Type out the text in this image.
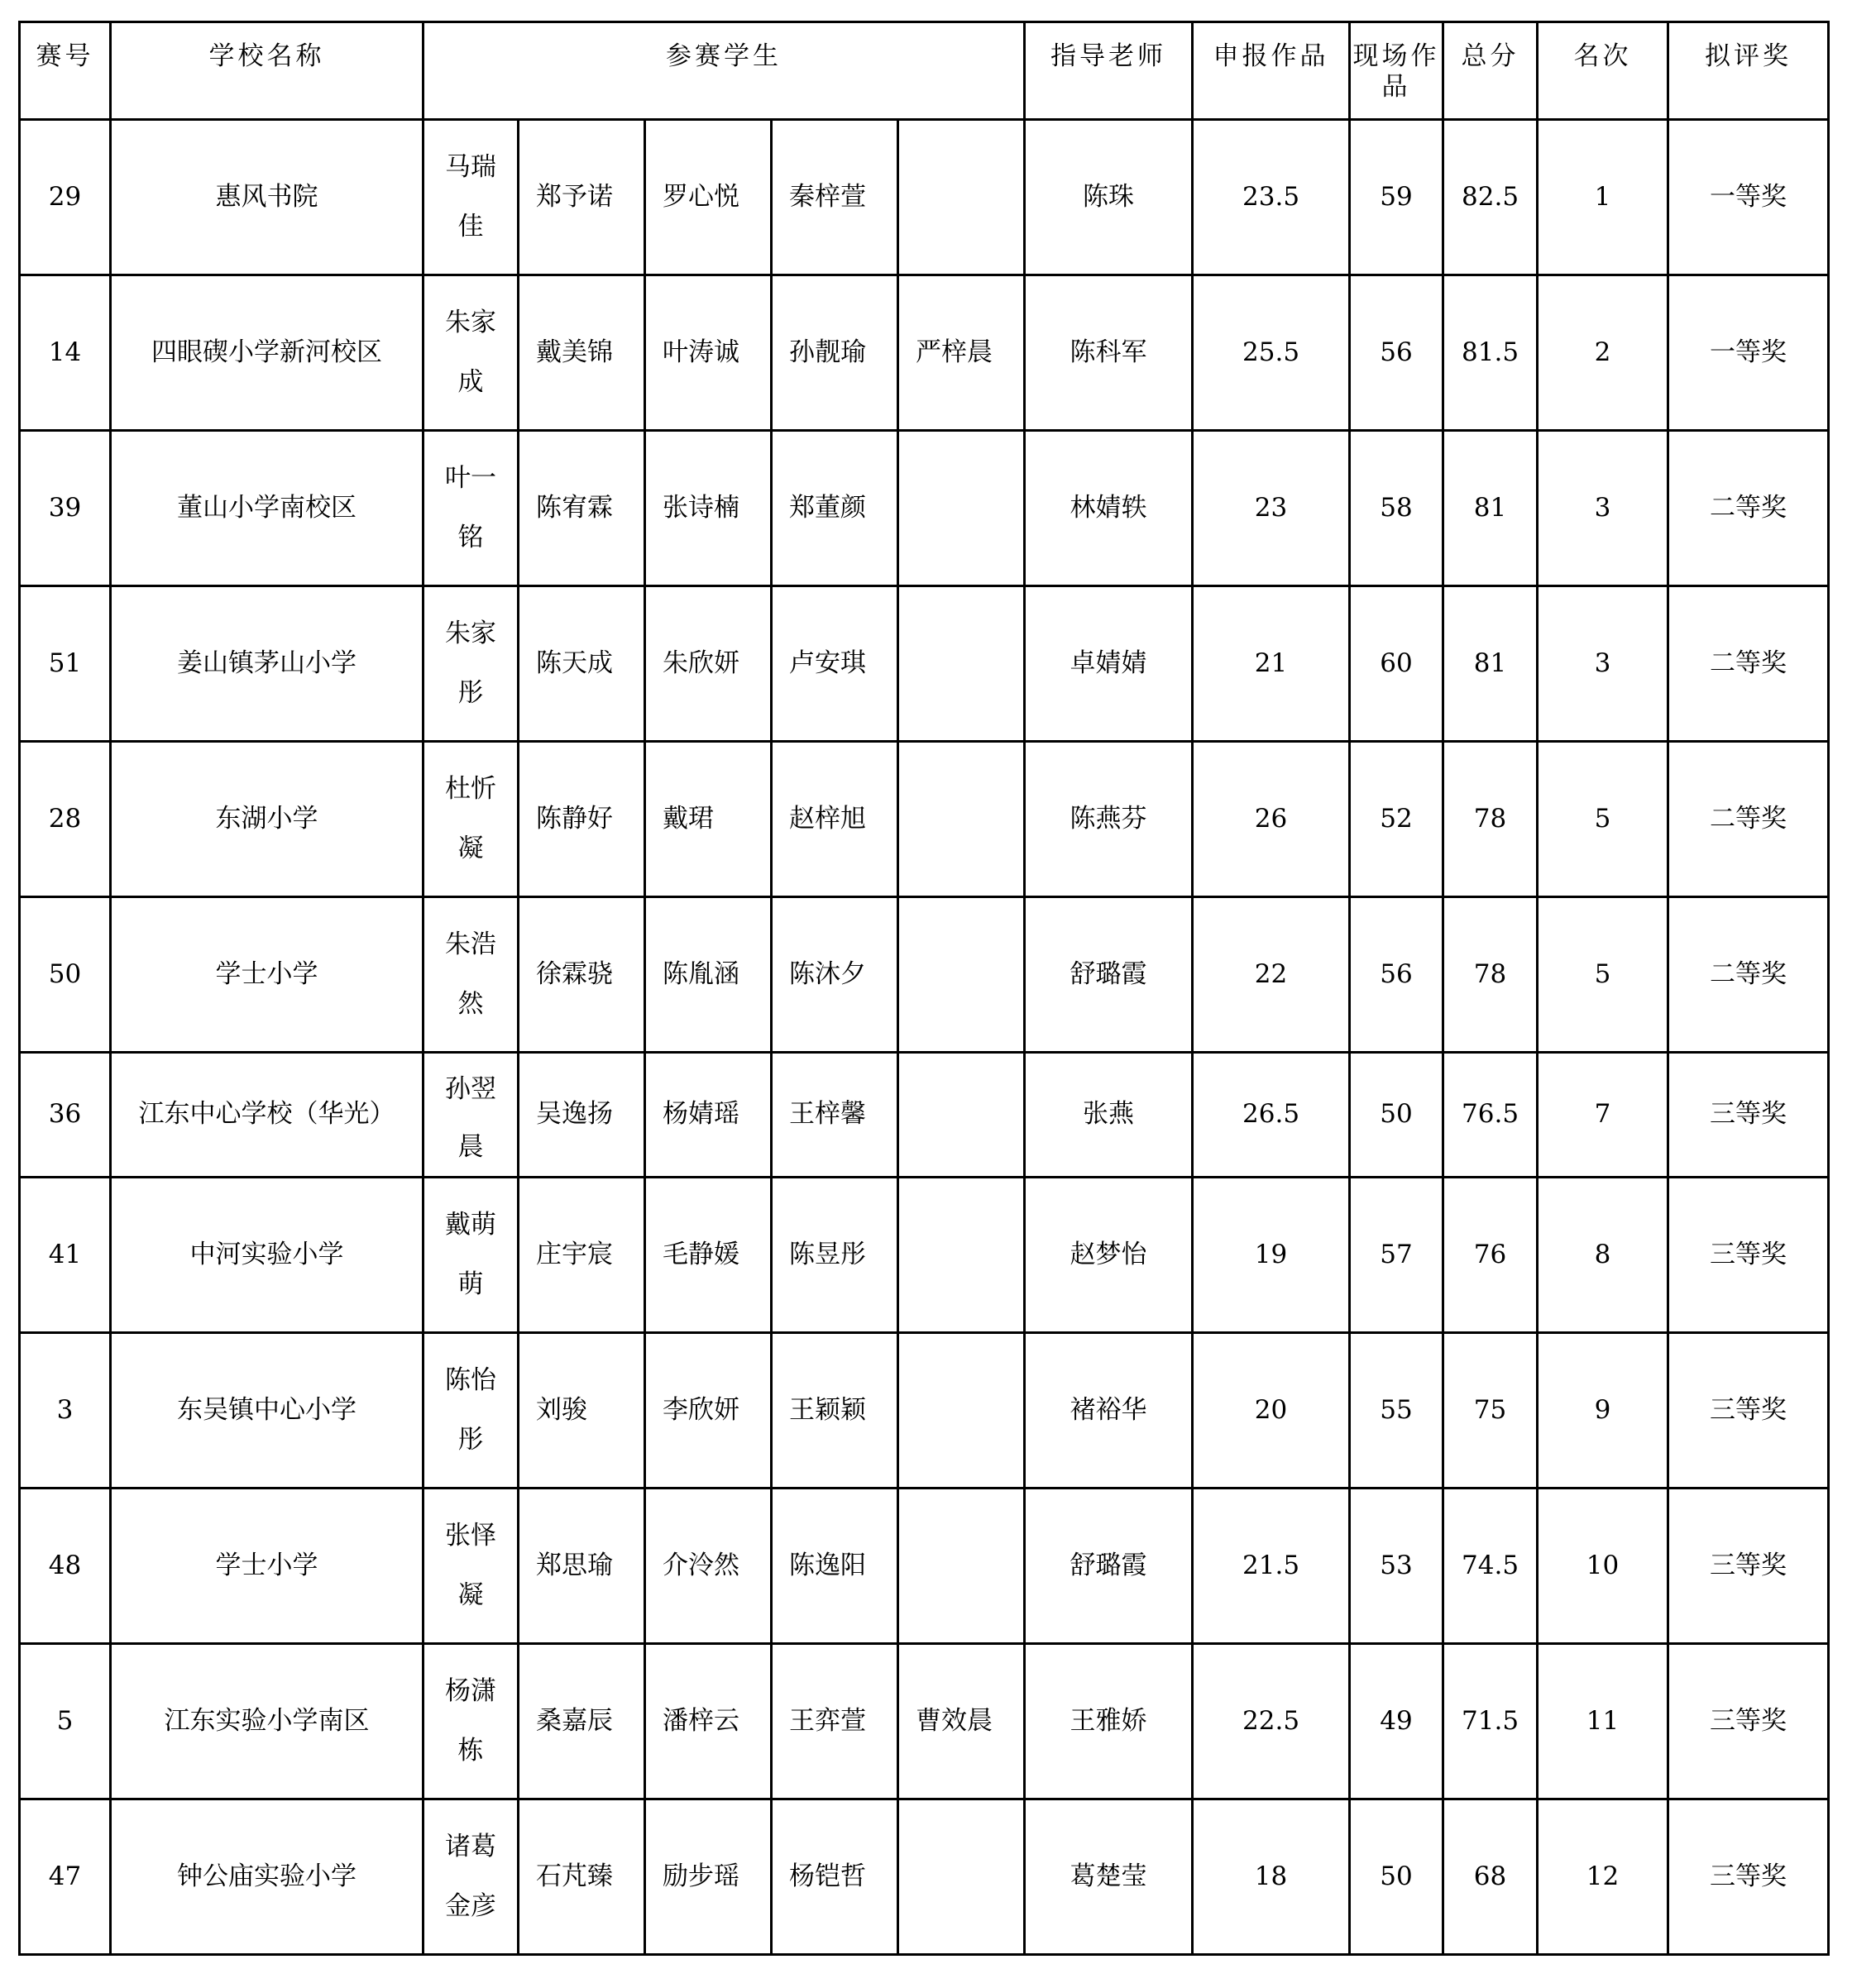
赛号	学校名称	参赛学生					指导老师	申报作品	现场作品	总分	名次	拟评奖
29	惠风书院	马瑞佳	郑予诺	罗心悦	秦梓萱		陈珠	23.5	59	82.5	1	一等奖
14	四眼碶小学新河校区	朱家成	戴美锦	叶涛诚	孙靓瑜	严梓晨	陈科军	25.5	56	81.5	2	一等奖
39	董山小学南校区	叶一铭	陈宥霖	张诗楠	郑董颜		林婧轶	23	58	81	3	二等奖
51	姜山镇茅山小学	朱家彤	陈天成	朱欣妍	卢安琪		卓婧婧	21	60	81	3	二等奖
28	东湖小学	杜忻凝	陈静好	戴珺	赵梓旭		陈燕芬	26	52	78	5	二等奖
50	学士小学	朱浩然	徐霖骁	陈胤涵	陈沐夕		舒璐霞	22	56	78	5	二等奖
36	江东中心学校（华光）	孙翌晨	吴逸扬	杨婧瑶	王梓馨		张燕	26.5	50	76.5	7	三等奖
41	中河实验小学	戴萌萌	庄宇宸	毛静媛	陈昱彤		赵梦怡	19	57	76	8	三等奖
3	东吴镇中心小学	陈怡彤	刘骏	李欣妍	王颖颖		褚裕华	20	55	75	9	三等奖
48	学士小学	张怿凝	郑思瑜	介泠然	陈逸阳		舒璐霞	21.5	53	74.5	10	三等奖
5	江东实验小学南区	杨潇栋	桑嘉辰	潘梓云	王弈萱	曹效晨	王雅娇	22.5	49	71.5	11	三等奖
47	钟公庙实验小学	诸葛金彦	石芃臻	励步瑶	杨铠哲		葛楚莹	18	50	68	12	三等奖
